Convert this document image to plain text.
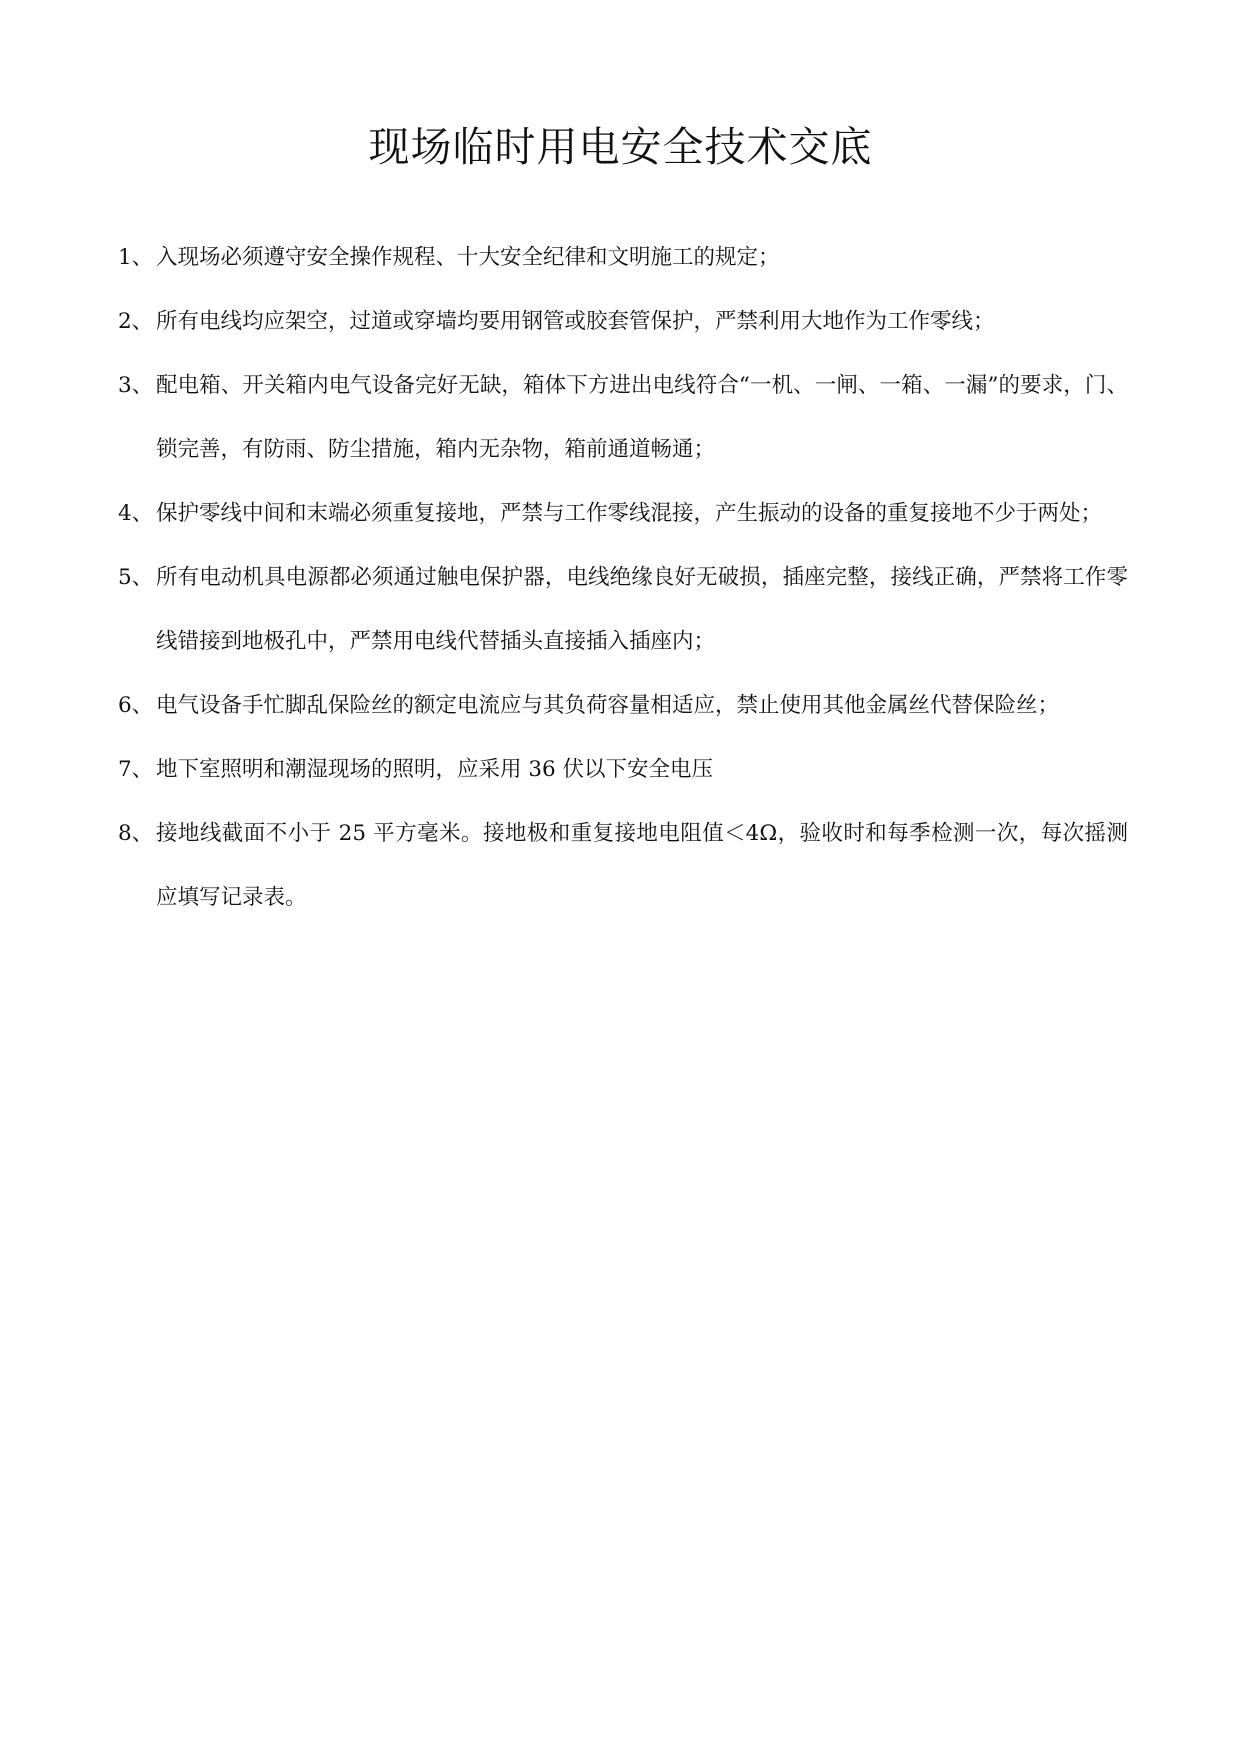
现场临时用电安全技术交底
1、 入现场必须遵守安全操作规程、十大安全纪律和文明施工的规定；
2、 所有电线均应架空，过道或穿墙均要用钢管或胶套管保护，严禁利用大地作为工作零线；
3、 配电箱、开关箱内电气设备完好无缺，箱体下方进出电线符合“一机、一闸、一箱、一漏”的要求，门、锁完善，有防雨、防尘措施，箱内无杂物，箱前通道畅通；
4、 保护零线中间和末端必须重复接地，严禁与工作零线混接，产生振动的设备的重复接地不少于两处；
5、 所有电动机具电源都必须通过触电保护器，电线绝缘良好无破损，插座完整，接线正确，严禁将工作零线错接到地极孔中，严禁用电线代替插头直接插入插座内；
6、 电气设备手忙脚乱保险丝的额定电流应与其负荷容量相适应，禁止使用其他金属丝代替保险丝；
7、 地下室照明和潮湿现场的照明，应采用 36 伏以下安全电压
8、 接地线截面不小于 25 平方毫米。接地极和重复接地电阻值＜4Ω，验收时和每季检测一次，每次摇测应填写记录表。
